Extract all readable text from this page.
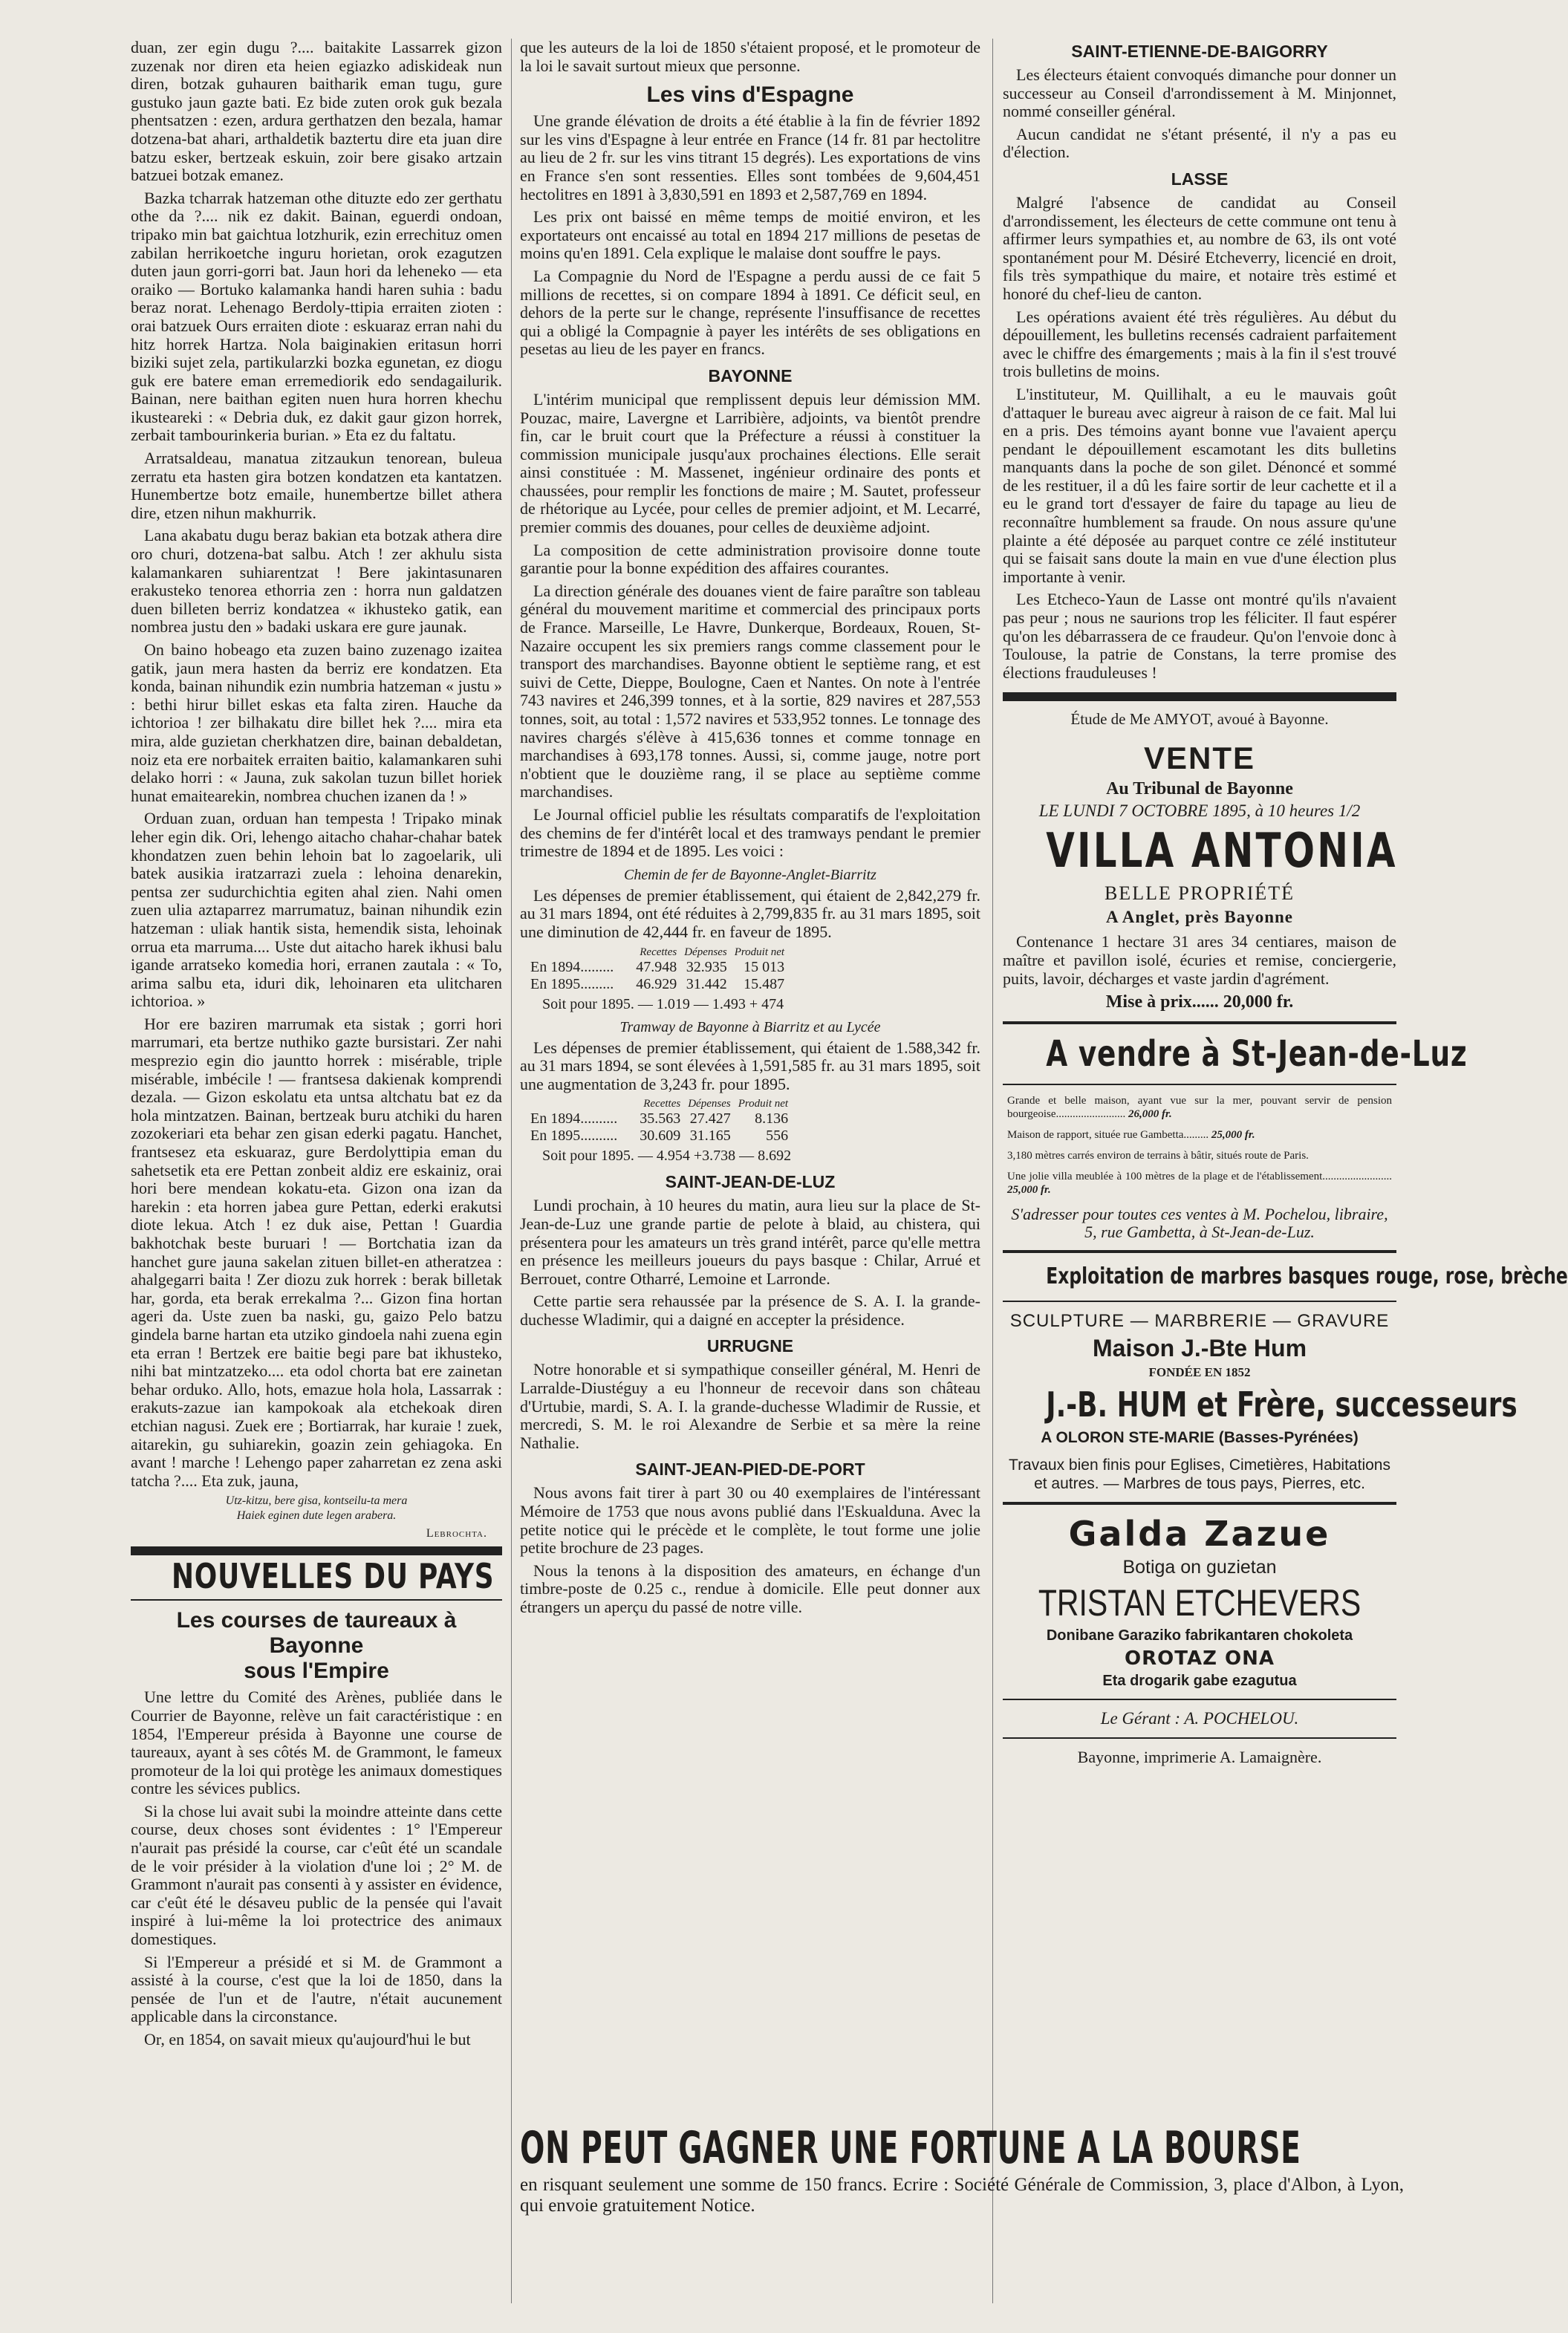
duan, zer egin dugu ?.... baitakite Lassarrek gizon zuzenak nor diren eta heien egiazko adiskideak nun diren, botzak guhauren baitharik eman tugu, gure gustuko jaun gazte bati. Ez bide zuten orok guk bezala phentsatzen : ezen, ardura gerthatzen den bezala, hamar dotzena-bat ahari, arthaldetik baztertu dire eta juan dire batzu esker, bertzeak eskuin, zoir bere gisako artzain batzuei botzak emanez.

Bazka tcharrak hatzeman othe dituzte edo zer gerthatu othe da ?.... nik ez dakit. Bainan, eguerdi ondoan, tripako min bat gaichtua lotzhurik, ezin errechituz omen zabilan herrikoetche inguru horietan, orok ezagutzen duten jaun gorri-gorri bat. Jaun hori da leheneko — eta oraiko — Bortuko kalamanka handi haren suhia : badu beraz norat. Lehenago Berdoly-ttipia erraiten zioten : orai batzuek Ours erraiten diote : eskuaraz erran nahi du hitz horrek Hartza. Nola baiginakien eritasun horri biziki sujet zela, partikularzki bozka egunetan, ez diogu guk ere batere eman erremediorik edo sendagailurik. Bainan, nere baithan egiten nuen hura horren khechu ikusteareki : « Debria duk, ez dakit gaur gizon horrek, zerbait tambourinkeria burian. » Eta ez du faltatu.

Arratsaldeau, manatua zitzaukun tenorean, buleua zerratu eta hasten gira botzen kondatzen eta kantatzen. Hunembertze botz emaile, hunembertze billet athera dire, etzen nihun makhurrik.

Lana akabatu dugu beraz bakian eta botzak athera dire oro churi, dotzena-bat salbu. Atch ! zer akhulu sista kalamankaren suhiarentzat ! Bere jakintasunaren erakusteko tenorea ethorria zen : horra nun galdatzen duen billeten berriz kondatzea « ikhusteko gatik, ean nombrea justu den » badaki uskara ere gure jaunak.

On baino hobeago eta zuzen baino zuzenago izaitea gatik, jaun mera hasten da berriz ere kondatzen. Eta konda, bainan nihundik ezin numbria hatzeman « justu » : bethi hirur billet eskas eta falta ziren. Hauche da ichtorioa ! zer bilhakatu dire billet hek ?.... mira eta mira, alde guzietan cherkhatzen dire, bainan debaldetan, noiz eta ere norbaitek erraiten baitio, kalamankaren suhi delako horri : « Jauna, zuk sakolan tuzun billet horiek hunat emaitearekin, nombrea chuchen izanen da ! »

Orduan zuan, orduan han tempesta ! Tripako minak leher egin dik. Ori, lehengo aitacho chahar-chahar batek khondatzen zuen behin lehoin bat lo zagoelarik, uli batek ausikia iratzarrazi zuela : lehoina denarekin, pentsa zer sudurchichtia egiten ahal zien. Nahi omen zuen ulia aztaparrez marrumatuz, bainan nihundik ezin hatzeman : uliak hantik sista, hemendik sista, lehoinak orrua eta marruma.... Uste dut aitacho harek ikhusi balu igande arratseko komedia hori, erranen zautala : « To, arima salbu eta, iduri dik, lehoinaren eta ulitcharen ichtorioa. »

Hor ere baziren marrumak eta sistak ; gorri hori marrumari, eta bertze nuthiko gazte bursistari. Zer nahi mesprezio egin dio jauntto horrek : misérable, triple misérable, imbécile ! — frantsesa dakienak komprendi dezala. — Gizon eskolatu eta untsa altchatu bat ez da hola mintzatzen. Bainan, bertzeak buru atchiki du haren zozokeriari eta behar zen gisan ederki pagatu. Hanchet, frantsesez eta eskuaraz, gure Berdolyttipia eman du sahetsetik eta ere Pettan zonbeit aldiz ere eskainiz, orai hori bere mendean kokatu-eta. Gizon ona izan da harekin : eta horren jabea gure Pettan, ederki erakutsi diote lekua. Atch ! ez duk aise, Pettan ! Guardia bakhotchak beste buruari ! — Bortchatia izan da hanchet gure jauna sakelan zituen billet-en atheratzea : ahalgegarri baita ! Zer diozu zuk horrek : berak billetak har, gorda, eta berak errekalma ?... Gizon fina hortan ageri da. Uste zuen ba naski, gu, gaizo Pelo batzu gindela barne hartan eta utziko gindoela nahi zuena egin eta erran ! Bertzek ere baitie begi pare bat ikhusteko, nihi bat mintzatzeko.... eta odol chorta bat ere zainetan behar orduko. Allo, hots, emazue hola hola, Lassarrak : erakuts-zazue ian kampokoak ala etchekoak diren etchian nagusi. Zuek ere ; Bortiarrak, har kuraie ! zuek, aitarekin, gu suhiarekin, goazin zein gehiagoka. En avant ! marche ! Lehengo paper zaharretan ez zena aski tatcha ?.... Eta zuk, jauna,

Utz-kitzu, bere gisa, kontseilu-ta mera

Haiek eginen dute legen arabera.

Lebrochta.
NOUVELLES DU PAYS
Les courses de taureaux à Bayonne
sous l'Empire

Une lettre du Comité des Arènes, publiée dans le Courrier de Bayonne, relève un fait caractéristique : en 1854, l'Empereur présida à Bayonne une course de taureaux, ayant à ses côtés M. de Grammont, le fameux promoteur de la loi qui protège les animaux domestiques contre les sévices publics.

Si la chose lui avait subi la moindre atteinte dans cette course, deux choses sont évidentes : 1° l'Empereur n'aurait pas présidé la course, car c'eût été un scandale de le voir présider à la violation d'une loi ; 2° M. de Grammont n'aurait pas consenti à y assister en évidence, car c'eût été le désaveu public de la pensée qui l'avait inspiré à lui-même la loi protectrice des animaux domestiques.

Si l'Empereur a présidé et si M. de Grammont a assisté à la course, c'est que la loi de 1850, dans la pensée de l'un et de l'autre, n'était aucunement applicable dans la circonstance.

Or, en 1854, on savait mieux qu'aujourd'hui le but

que les auteurs de la loi de 1850 s'étaient proposé, et le promoteur de la loi le savait surtout mieux que personne.

Les vins d'Espagne

Une grande élévation de droits a été établie à la fin de février 1892 sur les vins d'Espagne à leur entrée en France (14 fr. 81 par hectolitre au lieu de 2 fr. sur les vins titrant 15 degrés). Les exportations de vins en France s'en sont ressenties. Elles sont tombées de 9,604,451 hectolitres en 1891 à 3,830,591 en 1893 et 2,587,769 en 1894.

Les prix ont baissé en même temps de moitié environ, et les exportateurs ont encaissé au total en 1894 217 millions de pesetas de moins qu'en 1891. Cela explique le malaise dont souffre le pays.

La Compagnie du Nord de l'Espagne a perdu aussi de ce fait 5 millions de recettes, si on compare 1894 à 1891. Ce déficit seul, en dehors de la perte sur le change, représente l'insuffisance de recettes qui a obligé la Compagnie à payer les intérêts de ses obligations en pesetas au lieu de les payer en francs.

BAYONNE

L'intérim municipal que remplissent depuis leur démission MM. Pouzac, maire, Lavergne et Larribière, adjoints, va bientôt prendre fin, car le bruit court que la Préfecture a réussi à constituer la commission municipale jusqu'aux prochaines élections. Elle serait ainsi constituée : M. Massenet, ingénieur ordinaire des ponts et chaussées, pour remplir les fonctions de maire ; M. Sautet, professeur de rhétorique au Lycée, pour celles de premier adjoint, et M. Lecarré, premier commis des douanes, pour celles de deuxième adjoint.

La composition de cette administration provisoire donne toute garantie pour la bonne expédition des affaires courantes.

La direction générale des douanes vient de faire paraître son tableau général du mouvement maritime et commercial des principaux ports de France. Marseille, Le Havre, Dunkerque, Bordeaux, Rouen, St-Nazaire occupent les six premiers rangs comme classement pour le transport des marchandises. Bayonne obtient le septième rang, et est suivi de Cette, Dieppe, Boulogne, Caen et Nantes. On note à l'entrée 743 navires et 246,399 tonnes, et à la sortie, 829 navires et 287,553 tonnes, soit, au total : 1,572 navires et 533,952 tonnes. Le tonnage des navires chargés s'élève à 415,636 tonnes et comme tonnage en marchandises à 693,178 tonnes. Aussi, si, comme jauge, notre port n'obtient que le douzième rang, il se place au septième comme marchandises.

Le Journal officiel publie les résultats comparatifs de l'exploitation des chemins de fer d'intérêt local et des tramways pendant le premier trimestre de 1894 et de 1895. Les voici :

Chemin de fer de Bayonne-Anglet-Biarritz

Les dépenses de premier établissement, qui étaient de 2,842,279 fr. au 31 mars 1894, ont été réduites à 2,799,835 fr. au 31 mars 1895, soit une diminution de 42,444 fr. en faveur de 1895.

	Recettes	Dépenses	Produit net
En 1894.........	47.948	32.935	15 013
En 1895.........	46.929	31.442	15.487
Soit pour 1895. — 1.019 — 1.493 + 474
Tramway de Bayonne à Biarritz et au Lycée

Les dépenses de premier établissement, qui étaient de 1.588,342 fr. au 31 mars 1894, se sont élevées à 1,591,585 fr. au 31 mars 1895, soit une augmentation de 3,243 fr. pour 1895.

	Recettes	Dépenses	Produit net
En 1894..........	35.563	27.427	8.136
En 1895..........	30.609	31.165	556
Soit pour 1895. — 4.954 +3.738 — 8.692
SAINT-JEAN-DE-LUZ

Lundi prochain, à 10 heures du matin, aura lieu sur la place de St-Jean-de-Luz une grande partie de pelote à blaid, au chistera, qui présentera pour les amateurs un très grand intérêt, parce qu'elle mettra en présence les meilleurs joueurs du pays basque : Chilar, Arrué et Berrouet, contre Otharré, Lemoine et Larronde.

Cette partie sera rehaussée par la présence de S. A. I. la grande-duchesse Wladimir, qui a daigné en accepter la présidence.

URRUGNE

Notre honorable et si sympathique conseiller général, M. Henri de Larralde-Diustéguy a eu l'honneur de recevoir dans son château d'Urtubie, mardi, S. A. I. la grande-duchesse Wladimir de Russie, et mercredi, S. M. le roi Alexandre de Serbie et sa mère la reine Nathalie.

SAINT-JEAN-PIED-DE-PORT

Nous avons fait tirer à part 30 ou 40 exemplaires de l'intéressant Mémoire de 1753 que nous avons publié dans l'Eskualduna. Avec la petite notice qui le précède et le complète, le tout forme une jolie petite brochure de 23 pages.

Nous la tenons à la disposition des amateurs, en échange d'un timbre-poste de 0.25 c., rendue à domicile. Elle peut donner aux étrangers un aperçu du passé de notre ville.

SAINT-ETIENNE-DE-BAIGORRY

Les électeurs étaient convoqués dimanche pour donner un successeur au Conseil d'arrondissement à M. Minjonnet, nommé conseiller général.

Aucun candidat ne s'étant présenté, il n'y a pas eu d'élection.

LASSE

Malgré l'absence de candidat au Conseil d'arrondissement, les électeurs de cette commune ont tenu à affirmer leurs sympathies et, au nombre de 63, ils ont voté spontanément pour M. Désiré Etcheverry, licencié en droit, fils très sympathique du maire, et notaire très estimé et honoré du chef-lieu de canton.

Les opérations avaient été très régulières. Au début du dépouillement, les bulletins recensés cadraient parfaitement avec le chiffre des émargements ; mais à la fin il s'est trouvé trois bulletins de moins.

L'instituteur, M. Quillihalt, a eu le mauvais goût d'attaquer le bureau avec aigreur à raison de ce fait. Mal lui en a pris. Des témoins ayant bonne vue l'avaient aperçu pendant le dépouillement escamotant les dits bulletins manquants dans la poche de son gilet. Dénoncé et sommé de les restituer, il a dû les faire sortir de leur cachette et il a eu le grand tort d'essayer de faire du tapage au lieu de reconnaître humblement sa fraude. On nous assure qu'une plainte a été déposée au parquet contre ce zélé instituteur qui se faisait sans doute la main en vue d'une élection plus importante à venir.

Les Etcheco-Yaun de Lasse ont montré qu'ils n'avaient pas peur ; nous ne saurions trop les féliciter. Il faut espérer qu'on les débarrassera de ce fraudeur. Qu'on l'envoie donc à Toulouse, la patrie de Constans, la terre promise des élections frauduleuses !

Étude de Me AMYOT, avoué à Bayonne.
VENTE
Au Tribunal de Bayonne
LE LUNDI 7 OCTOBRE 1895, à 10 heures 1/2
VILLA ANTONIA
BELLE PROPRIÉTÉ
A Anglet, près Bayonne

Contenance 1 hectare 31 ares 34 centiares, maison de maître et pavillon isolé, écuries et remise, conciergerie, puits, lavoir, décharges et vaste jardin d'agrément.

Mise à prix...... 20,000 fr.
A vendre à St-Jean-de-Luz
Grande et belle maison, ayant vue sur la mer, pouvant servir de pension bourgeoise......................... 26,000 fr.
Maison de rapport, située rue Gambetta......... 25,000 fr.
3,180 mètres carrés environ de terrains à bâtir, situés route de Paris.
Une jolie villa meublée à 100 mètres de la plage et de l'établissement......................... 25,000 fr.
S'adresser pour toutes ces ventes à M. Pochelou, libraire, 5, rue Gambetta, à St-Jean-de-Luz.
Exploitation de marbres basques rouge, rose, brèche
SCULPTURE — MARBRERIE — GRAVURE
Maison J.-Bte Hum
FONDÉE EN 1852
J.-B. HUM et Frère, successeurs
A OLORON STE-MARIE (Basses-Pyrénées)
Travaux bien finis pour Eglises, Cimetières, Habitations et autres. — Marbres de tous pays, Pierres, etc.
Galda Zazue
Botiga on guzietan
TRISTAN ETCHEVERS
Donibane Garaziko fabrikantaren chokoleta
OROTAZ ONA
Eta drogarik gabe ezagutua
Le Gérant : A. POCHELOU.
Bayonne, imprimerie A. Lamaignère.
ON PEUT GAGNER UNE FORTUNE A LA BOURSE

en risquant seulement une somme de 150 francs. Ecrire : Société Générale de Commission, 3, place d'Albon, à Lyon, qui envoie gratuitement Notice.
